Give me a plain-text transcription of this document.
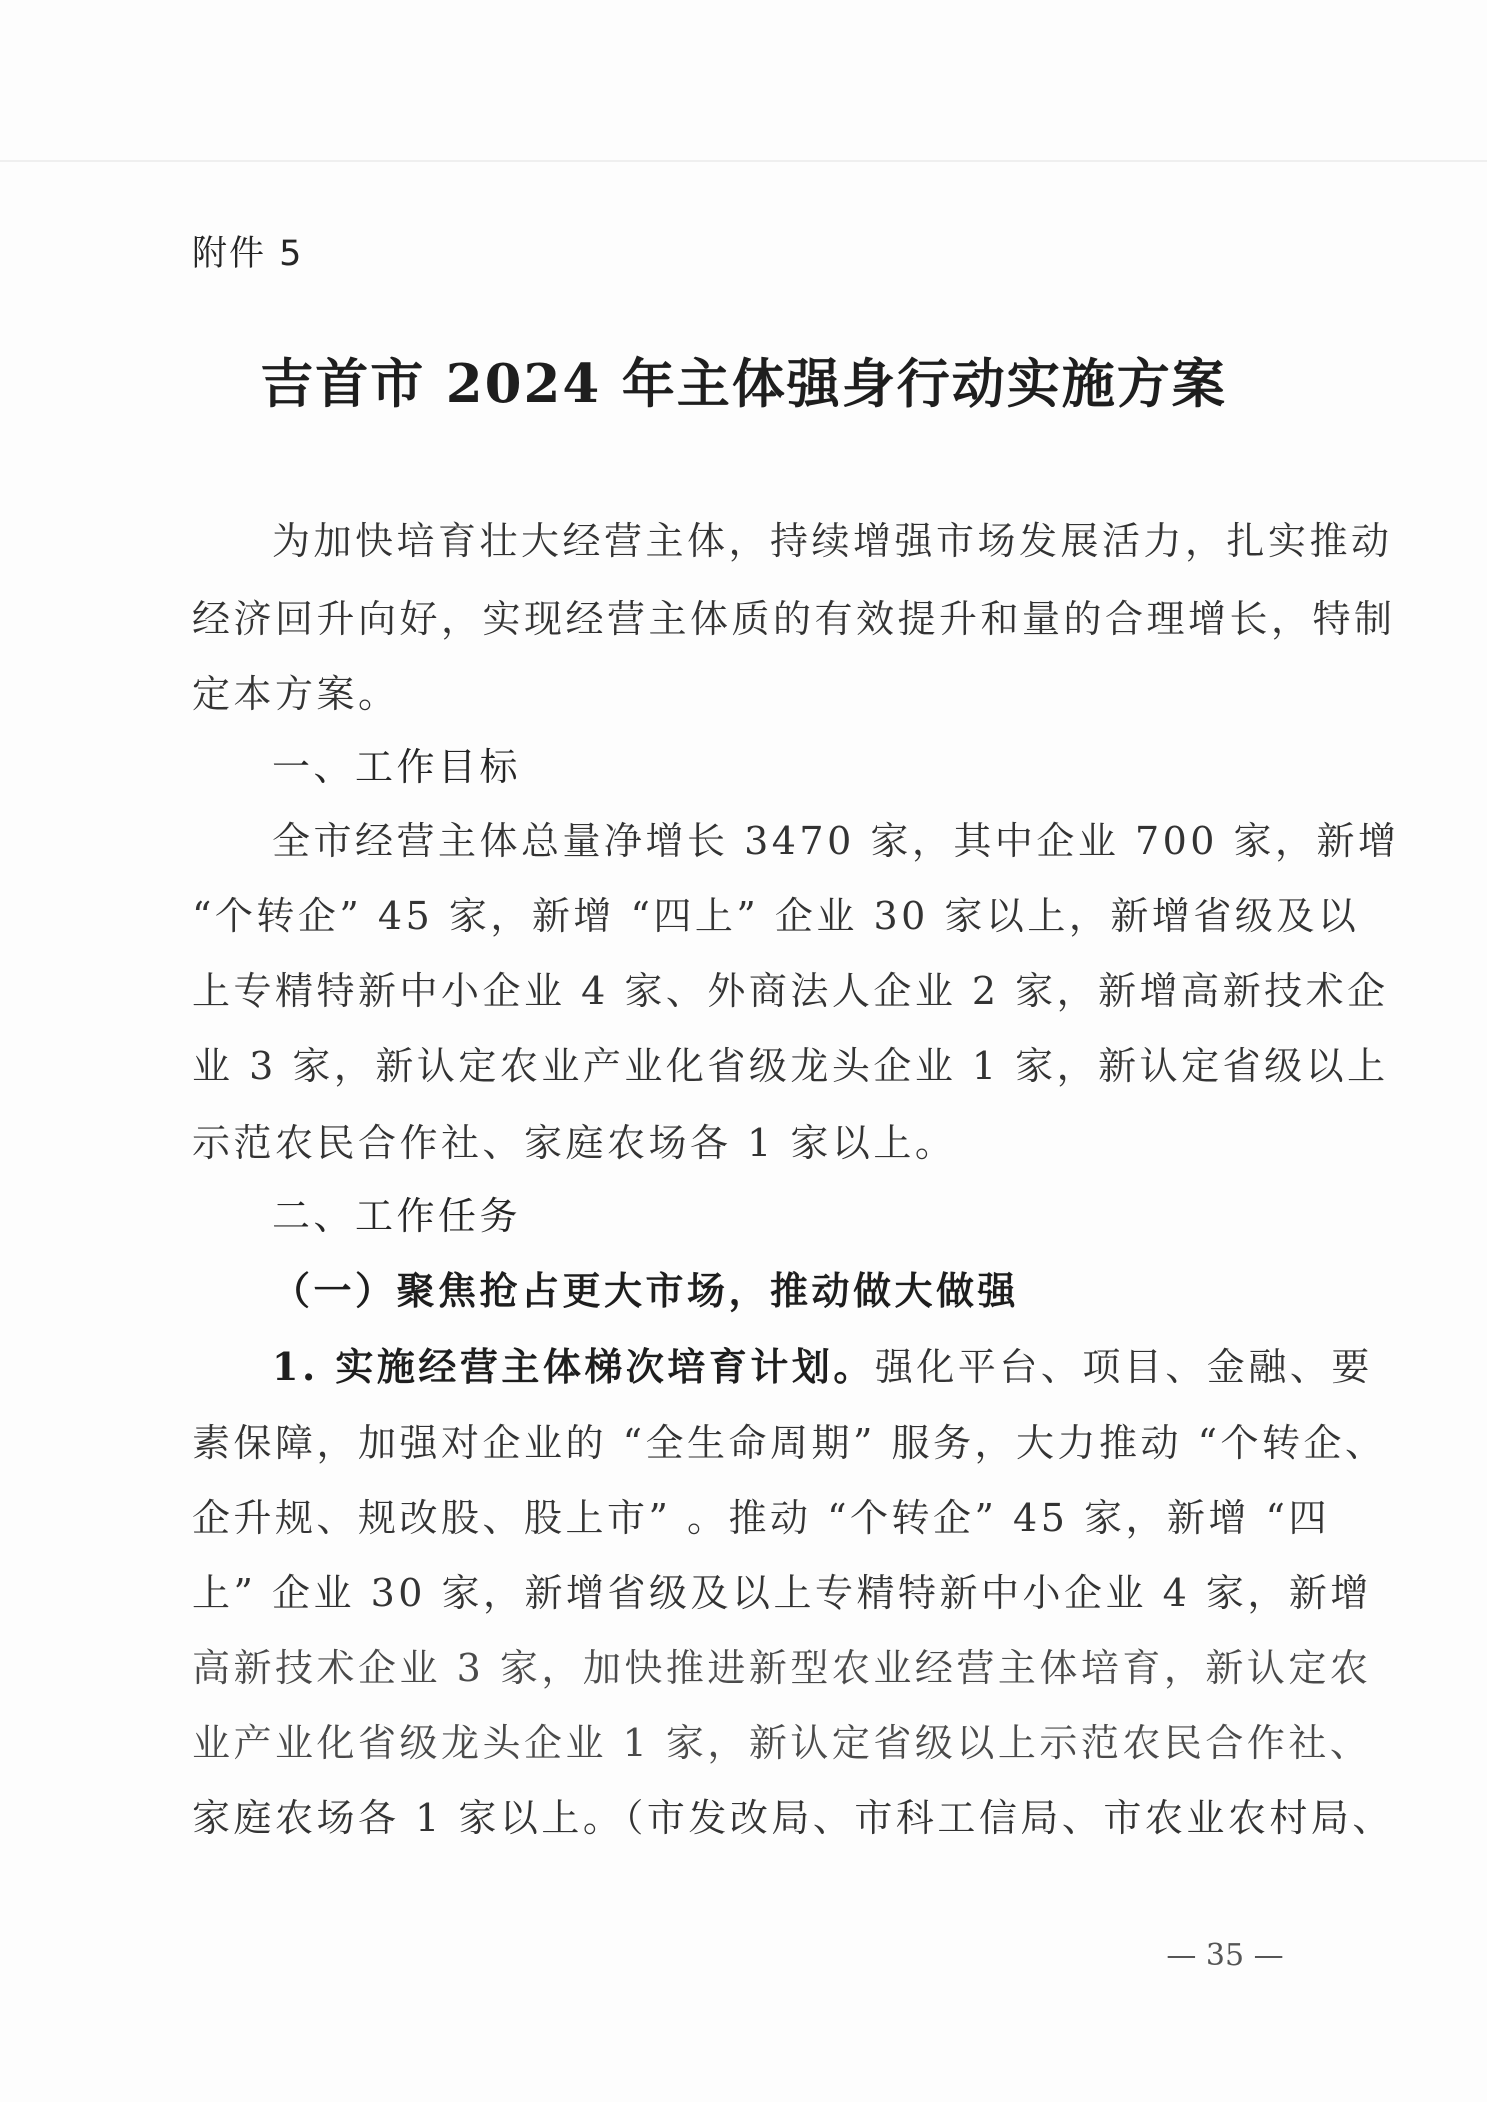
附件 5
吉首市 2024 年主体强身行动实施方案
为加快培育壮大经营主体，持续增强市场发展活力，扎实推动
经济回升向好，实现经营主体质的有效提升和量的合理增长，特制
定本方案。
一、工作目标
全市经营主体总量净增长 3470 家，其中企业 700 家，新增
“个转企” 45 家，新增 “四上” 企业 30 家以上，新增省级及以
上专精特新中小企业 4 家、外商法人企业 2 家，新增高新技术企
业 3 家，新认定农业产业化省级龙头企业 1 家，新认定省级以上
示范农民合作社、家庭农场各 1 家以上。
二、工作任务
（一）聚焦抢占更大市场，推动做大做强
1. 实施经营主体梯次培育计划。强化平台、项目、金融、要
素保障，加强对企业的 “全生命周期” 服务，大力推动 “个转企、
企升规、规改股、股上市” 。推动 “个转企” 45 家，新增 “四
上” 企业 30 家，新增省级及以上专精特新中小企业 4 家，新增
高新技术企业 3 家，加快推进新型农业经营主体培育，新认定农
业产业化省级龙头企业 1 家，新认定省级以上示范农民合作社、
家庭农场各 1 家以上。（市发改局、市科工信局、市农业农村局、
— 35 —
